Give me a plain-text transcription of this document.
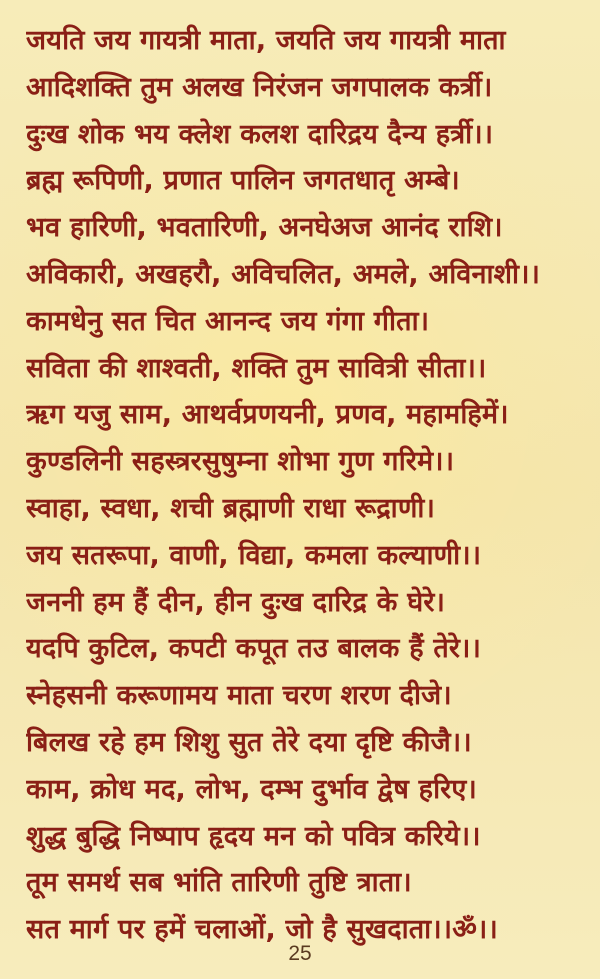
जयति जय गायत्री माता, जयति जय गायत्री माता
आदिशक्ति तुम अलख निरंजन जगपालक कर्त्री।
दुःख शोक भय क्लेश कलश दारिद्रय दैन्य हर्त्री।।
ब्रह्म रूपिणी, प्रणात पालिन जगतधातृ अम्बे।
भव हारिणी, भवतारिणी, अनघेअज आनंद राशि।
अविकारी, अखहरौ, अविचलित, अमले, अविनाशी।।
कामधेनु सत चित आनन्द जय गंगा गीता।
सविता की शाश्वती, शक्ति तुम सावित्री सीता।।
ऋग यजु साम, आथर्वप्रणयनी, प्रणव, महामहिमें।
कुण्डलिनी सहस्त्ररसुषुम्ना शोभा गुण गरिमे।।
स्वाहा, स्वधा, शची ब्रह्माणी राधा रूद्राणी।
जय सतरूपा, वाणी, विद्या, कमला कल्याणी।।
जननी हम हैं दीन, हीन दुःख दारिद्र के घेरे।
यदपि कुटिल, कपटी कपूत तउ बालक हैं तेरे।।
स्नेहसनी करूणामय माता चरण शरण दीजे।
बिलख रहे हम शिशु सुत तेरे दया दृष्टि कीजै।।
काम, क्रोध मद, लोभ, दम्भ दुर्भाव द्वेष हरिए।
शुद्ध बुद्धि निष्पाप हृदय मन को पवित्र करिये।।
तूम समर्थ सब भांति तारिणी तुष्टि त्राता।
सत मार्ग पर हमें चलाओं, जो है सुखदाता।।ॐ।।
25
